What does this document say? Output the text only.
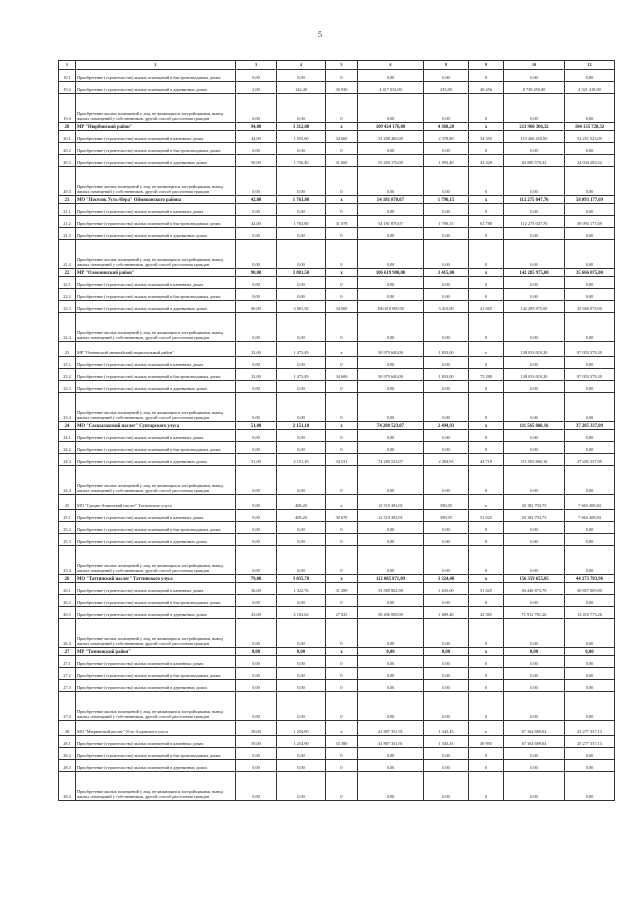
5
1	2	3	4	5	6	8	9	10	12
19.1	Приобретение (строительство) жилых помещений в быстровозводимых домах	0,00	0,00	0	0,00	0,00	0	0,00	0,00
19.2	Приобретение (строительство) жилых помещений в деревянных домах	2,00	142,40	30 930	4 417 032,00	235,00	40 456	8 738 450,00	4 321 418,00
19.4	Приобретение жилых помещений у лиц, не являющихся застройщиками, вывод жилых помещений у собственников, другой способ расселения граждан	0,00	0,00	0	0,00	0,00	0	0,00	0,00
20	МР "Нюрбинский район"	94,00	3 312,00	x	109 424 176,00	4 368,20	x	213 960 306,32	104 135 720,32
20.1	Приобретение (строительство) жилых помещений в каменных домах	44,00	1 555,60	34 600	53 208 400,00	2 378,80	54 355	115 460 450,00	52 251 523,00
20.2	Приобретение (строительство) жилых помещений в быстровозводимых домах	0,00	0,00	0	0,00	0,00	0	0,00	0,00
20.3	Приобретение (строительство) жилых помещений в деревянных домах	50,00	1 756,40	31 600	55 450 176,00	1 993,40	43 428	84 580 579,32	24 034 203,32
20.4	Приобретение жилых помещений у лиц, не являющихся застройщиками, вывод жилых помещений у собственников, другой способ расселения граждан	0,00	0,00	0	0,00	0,00	0	0,00	0,00
21	МО "Поселок Усть-Нера" Оймяконского района	42,00	1 763,80	x	54 181 870,07	1 790,15	x	112 275 047,76	58 093 177,69
21.1	Приобретение (строительство) жилых помещений в каменных домах	0,00	0,00	0	0,00	0,00	0	0,00	0,00
21.2	Приобретение (строительство) жилых помещений в быстровозводимых домах	42,00	1 763,80	31 078	54 181 870,07	1 790,15	61 788	112 275 047,76	58 093 177,69
21.3	Приобретение (строительство) жилых помещений в деревянных домах	0,00	0,00	0	0,00	0,00	0	0,00	0,00
21.4	Приобретение жилых помещений у лиц, не являющихся застройщиками, вывод жилых помещений у собственников, другой способ расселения граждан	0,00	0,00	0	0,00	0,00	0	0,00	0,00
22	МР "Олекминский район"	90,00	3 081,50	x	106 619 900,00	3 415,00	x	142 285 975,00	35 666 075,00
22.1	Приобретение (строительство) жилых помещений в каменных домах	0,00	0,00	0	0,00	0,00	0	0,00	0,00
22.2	Приобретение (строительство) жилых помещений в быстровозводимых домах	0,00	0,00	0	0,00	0,00	0	0,00	0,00
22.3	Приобретение (строительство) жилых помещений в деревянных домах	90,00	3 081,50	34 600	106 619 900,00	3 415,00	41 665	142 285 975,00	35 666 075,00
22.4	Приобретение жилых помещений у лиц, не являющихся застройщиками, вывод жилых помещений у собственников, другой способ расселения граждан	0,00	0,00	0	0,00	0,00	0	0,00	0,00
23	МР "Оленекский эвенкийский национальный район"	32,00	1 473,49	x	50 979 640,00	1 833,00	x	138 033 019,20	87 053 379,20
23.1	Приобретение (строительство) жилых помещений в каменных домах	0,00	0,00	0	0,00	0,00	0	0,00	0,00
23.2	Приобретение (строительство) жилых помещений в быстровозводимых домах	32,00	1 473,49	34 600	50 979 640,00	1 833,00	75 288	138 033 019,20	87 053 379,20
23.3	Приобретение (строительство) жилых помещений в деревянных домах	0,00	0,00	0	0,00	0,00	0	0,00	0,00
23.4	Приобретение жилых помещений у лиц, не являющихся застройщиками, вывод жилых помещений у собственников, другой способ расселения граждан	0,00	0,00	0	0,00	0,00	0	0,00	0,00
24	МО "Саскылахский наслег" Сунтарского улуса	51,00	2 151,10	x	74 280 523,07	2 494,93	x	111 565 860,16	37 285 337,09
24.1	Приобретение (строительство) жилых помещений в каменных домах	0,00	0,00	0	0,00	0,00	0	0,00	0,00
24.2	Приобретение (строительство) жилых помещений в быстровозводимых домах	0,00	0,00	0	0,00	0,00	0	0,00	0,00
24.3	Приобретение (строительство) жилых помещений в деревянных домах	51,00	2 151,10	34 531	74 280 523,07	2 494,93	44 718	111 565 860,16	37 285 337,09
24.4	Приобретение жилых помещений у лиц, не являющихся застройщиками, вывод жилых помещений у собственников, другой способ расселения граждан	0,00	0,00	0	0,00	0,00	0	0,00	0,00
25	МО "Средне-Аппинский наслег" Таттинского улуса	9,00	408,20	x	12 519 383,91	390,05	x	20 182 793,75	7 663 409,84
25.1	Приобретение (строительство) жилых помещений в каменных домах	9,00	408,20	30 670	12 519 383,91	390,05	51 625	20 182 793,75	7 663 409,84
25.2	Приобретение (строительство) жилых помещений в быстровозводимых домах	0,00	0,00	0	0,00	0,00	0	0,00	0,00
25.3	Приобретение (строительство) жилых помещений в деревянных домах	0,00	0,00	0	0,00	0,00	0	0,00	0,00
25.4	Приобретение жилых помещений у лиц, не являющихся застройщиками, вывод жилых помещений у собственников, другой способ расселения граждан	0,00	0,00	0	0,00	0,00	0	0,00	0,00
26	МО "Таттинский наслег" Таттинского улуса	79,00	3 035,78	x	112 085 871,09	3 324,48	x	156 359 655,05	44 273 783,96
26.1	Приобретение (строительство) жилых помещений в каменных домах	36,00	1 322,76	31 289	53 589 862,98	1 635,00	51 625	84 446 873,79	30 857 009,80
26.2	Приобретение (строительство) жилых помещений в быстровозводимых домах	0,00	0,00	0	0,00	0,00	0	0,00	0,00
26.3	Приобретение (строительство) жилых помещений в деревянных домах	43,00	2 163,02	27 025	58 496 008,00	1 689,48	42 565	71 912 781,26	13 416 773,26
26.4	Приобретение жилых помещений у лиц, не являющихся застройщиками, вывод жилых помещений у собственников, другой способ расселения граждан	0,00	0,00	0	0,00	0,00	0	0,00	0,00
27	МР "Томпонский район"	0,00	0,00	x	0,00	0,00	x	0,00	0,00
27.1	Приобретение (строительство) жилых помещений в каменных домах	0,00	0,00	0	0,00	0,00	0	0,00	0,00
27.2	Приобретение (строительство) жилых помещений в быстровозводимых домах	0,00	0,00	0	0,00	0,00	0	0,00	0,00
27.3	Приобретение (строительство) жилых помещений в деревянных домах	0,00	0,00	0	0,00	0,00	0	0,00	0,00
27.4	Приобретение жилых помещений у лиц, не являющихся застройщиками, вывод жилых помещений у собственников, другой способ расселения граждан	0,00	0,00	0	0,00	0,00	0	0,00	0,00
28	МО "Мюрюнский наслег" Усть-Алданского улуса	39,00	1 254,90	x	41 887 351,91	1 343,43	x	67 164 689,04	25 277 337,13
28.1	Приобретение (строительство) жилых помещений в каменных домах	39,00	1 254,90	33 380	41 887 351,91	1 343,43	49 995	67 164 689,04	25 277 337,13
28.2	Приобретение (строительство) жилых помещений в быстровозводимых домах	0,00	0,00	0	0,00	0,00	0	0,00	0,00
28.3	Приобретение (строительство) жилых помещений в деревянных домах	0,00	0,00	0	0,00	0,00	0	0,00	0,00
28.4	Приобретение жилых помещений у лиц, не являющихся застройщиками, вывод жилых помещений у собственников, другой способ расселения граждан	0,00	0,00	0	0,00	0,00	0	0,00	0,00
